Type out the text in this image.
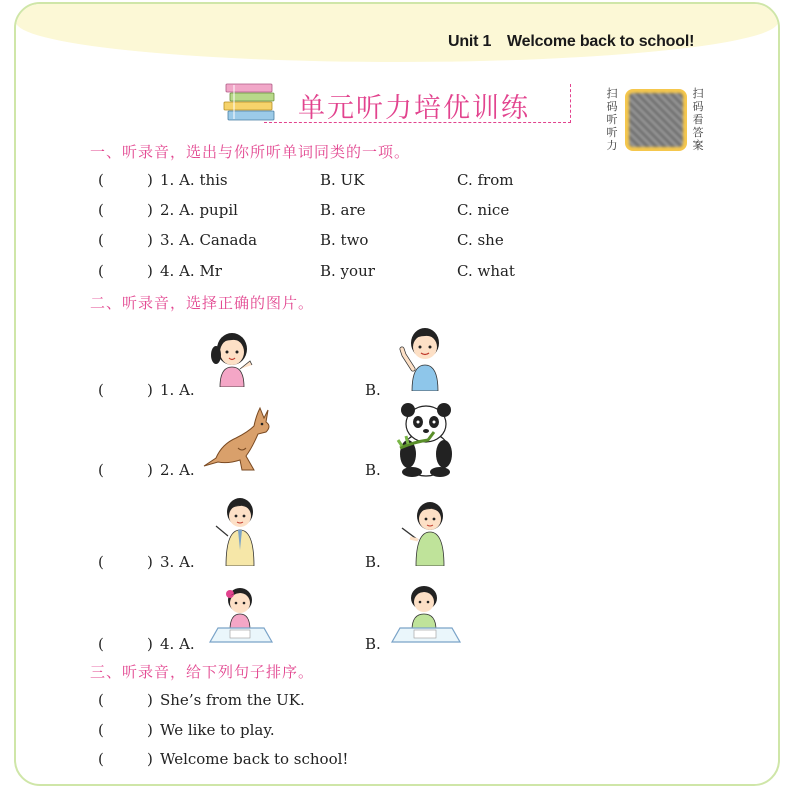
Unit 1　Welcome back to school!
单元听力培优训练	扫码听听力
扫码看答案
一、听录音，选出与你所听单词同类的一项。
(	) 1. A. this	B. UK	C. from
(	) 2. A. pupil	B. are	C. nice
(	) 3. A. Canada	B. two	C. she
(	) 4. A. Mr	B. your	C. what
二、听录音，选择正确的图片。
(	) 1. A.	B.
(	) 2. A.	B.
(	) 3. A.	B.
(	) 4. A.	B.
三、听录音，给下列句子排序。
(	) She’s from the UK.
(	) We like to play.
(	) Welcome back to school!
